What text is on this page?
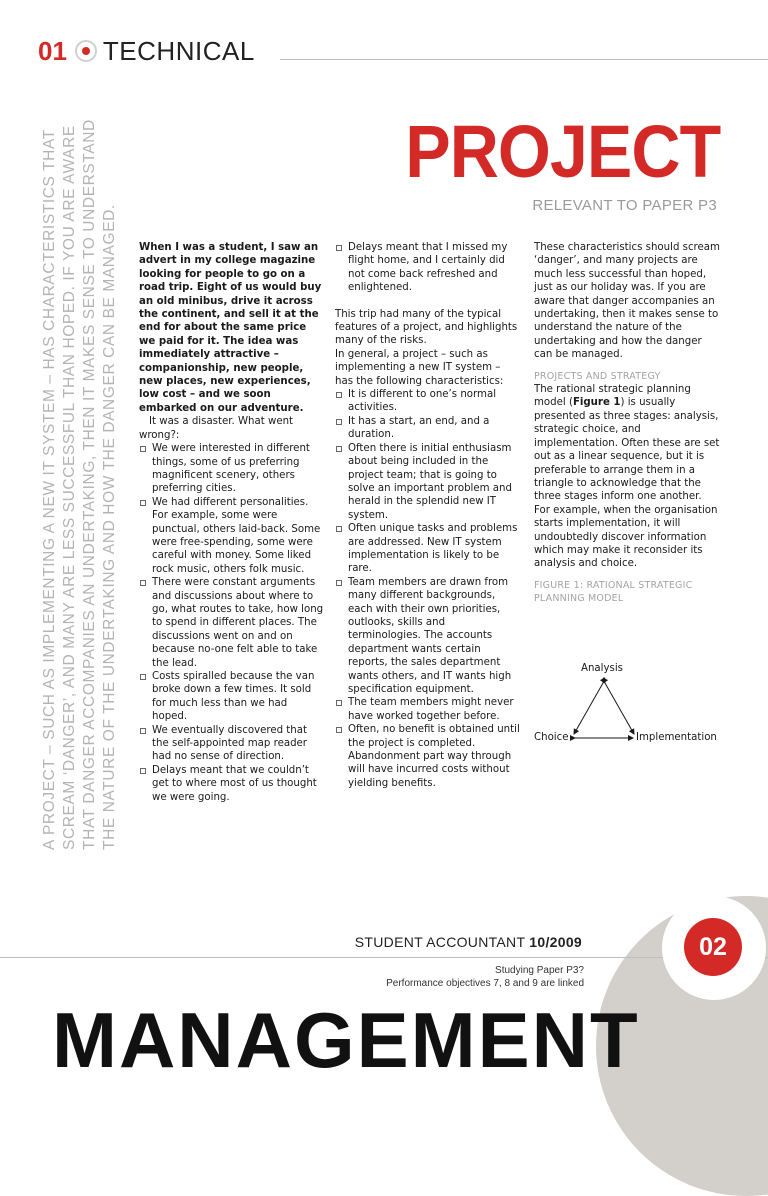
01 TECHNICAL
A PROJECT – SUCH AS IMPLEMENTING A NEW IT SYSTEM – HAS CHARACTERISTICS THAT SCREAM ‘DANGER’, AND MANY ARE LESS SUCCESSFUL THAN HOPED. IF YOU ARE AWARE THAT DANGER ACCOMPANIES AN UNDERTAKING, THEN IT MAKES SENSE TO UNDERSTAND THE NATURE OF THE UNDERTAKING AND HOW THE DANGER CAN BE MANAGED.
PROJECT
RELEVANT TO PAPER P3

When I was a student, I saw an advert in my college magazine looking for people to go on a road trip. Eight of us would buy an old minibus, drive it across the continent, and sell it at the end for about the same price we paid for it. The idea was immediately attractive – companionship, new people, new places, new experiences, low cost – and we soon embarked on our adventure.

It was a disaster. What went wrong?:

We were interested in different things, some of us preferring magnificent scenery, others preferring cities.

We had different personalities. For example, some were punctual, others laid-back. Some were free-spending, some were careful with money. Some liked rock music, others folk music.

There were constant arguments and discussions about where to go, what routes to take, how long to spend in different places. The discussions went on and on because no-one felt able to take the lead.

Costs spiralled because the van broke down a few times. It sold for much less than we had hoped.

We eventually discovered that the self-appointed map reader had no sense of direction.

Delays meant that we couldn’t get to where most of us thought we were going.

Delays meant that I missed my flight home, and I certainly did not come back refreshed and enlightened.

This trip had many of the typical features of a project, and highlights many of the risks.

In general, a project – such as implementing a new IT system – has the following characteristics:

It is different to one’s normal activities.

It has a start, an end, and a duration.

Often there is initial enthusiasm about being included in the project team; that is going to solve an important problem and herald in the splendid new IT system.

Often unique tasks and problems are addressed. New IT system implementation is likely to be rare.

Team members are drawn from many different backgrounds, each with their own priorities, outlooks, skills and terminologies. The accounts department wants certain reports, the sales department wants others, and IT wants high specification equipment.

The team members might never have worked together before.

Often, no benefit is obtained until the project is completed. Abandonment part way through will have incurred costs without yielding benefits.

These characteristics should scream ‘danger’, and many projects are much less successful than hoped, just as our holiday was. If you are aware that danger accompanies an undertaking, then it makes sense to understand the nature of the undertaking and how the danger can be managed.

PROJECTS AND STRATEGY

The rational strategic planning model (Figure 1) is usually presented as three stages: analysis, strategic choice, and implementation. Often these are set out as a linear sequence, but it is preferable to arrange them in a triangle to acknowledge that the three stages inform one another. For example, when the organisation starts implementation, it will undoubtedly discover information which may make it reconsider its analysis and choice.

FIGURE 1: RATIONAL STRATEGIC PLANNING MODEL

Analysis
Choice	Implementation
02
STUDENT ACCOUNTANT 10/2009
Studying Paper P3?
Performance objectives 7, 8 and 9 are linked
MANAGEMENT
